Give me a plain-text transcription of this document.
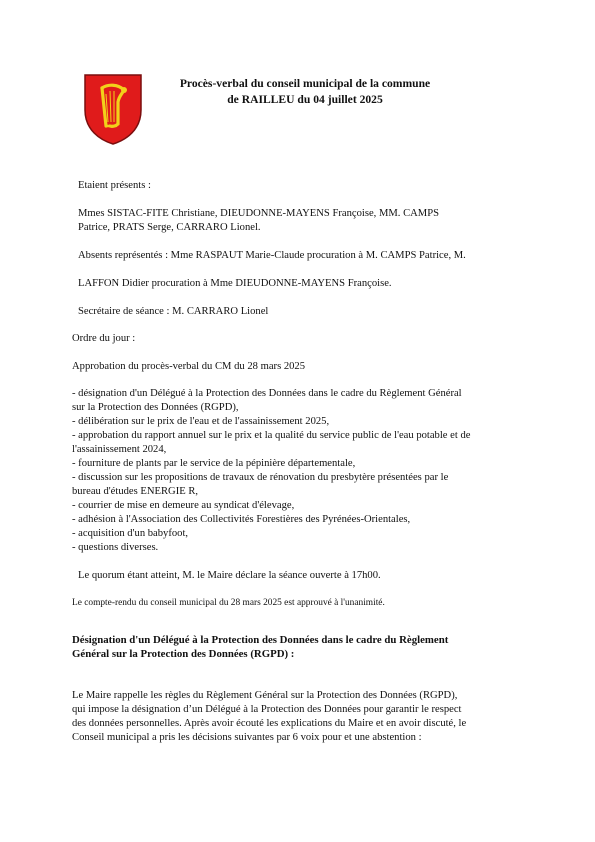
Procès-verbal du conseil municipal de la commune
de RAILLEU du 04 juillet 2025
Etaient présents :
Mmes SISTAC-FITE Christiane, DIEUDONNE-MAYENS Françoise, MM. CAMPS
Patrice, PRATS Serge, CARRARO Lionel.
Absents représentés : Mme RASPAUT Marie-Claude procuration à M. CAMPS Patrice, M.
LAFFON Didier procuration à Mme DIEUDONNE-MAYENS Françoise.
Secrétaire de séance : M. CARRARO Lionel
Ordre du jour :
Approbation du procès-verbal du CM du 28 mars 2025
- désignation d'un Délégué à la Protection des Données dans le cadre du Règlement Général
sur la Protection des Données (RGPD),
- délibération sur le prix de l'eau et de l'assainissement 2025,
- approbation du rapport annuel sur le prix et la qualité du service public de l'eau potable et de
l'assainissement 2024,
- fourniture de plants par le service de la pépinière départementale,
- discussion sur les propositions de travaux de rénovation du presbytère présentées par le
bureau d'études ENERGIE R,
- courrier de mise en demeure au syndicat d'élevage,
- adhésion à l'Association des Collectivités Forestières des Pyrénées-Orientales,
- acquisition d'un babyfoot,
- questions diverses.
Le quorum étant atteint, M. le Maire déclare la séance ouverte à 17h00.
Le compte-rendu du conseil municipal du 28 mars 2025 est approuvé à l'unanimité.
Désignation d'un Délégué à la Protection des Données dans le cadre du Règlement
Général sur la Protection des Données (RGPD) :
Le Maire rappelle les règles du Règlement Général sur la Protection des Données (RGPD),
qui impose la désignation d’un Délégué à la Protection des Données pour garantir le respect
des données personnelles. Après avoir écouté les explications du Maire et en avoir discuté, le
Conseil municipal a pris les décisions suivantes par 6 voix pour et une abstention :
